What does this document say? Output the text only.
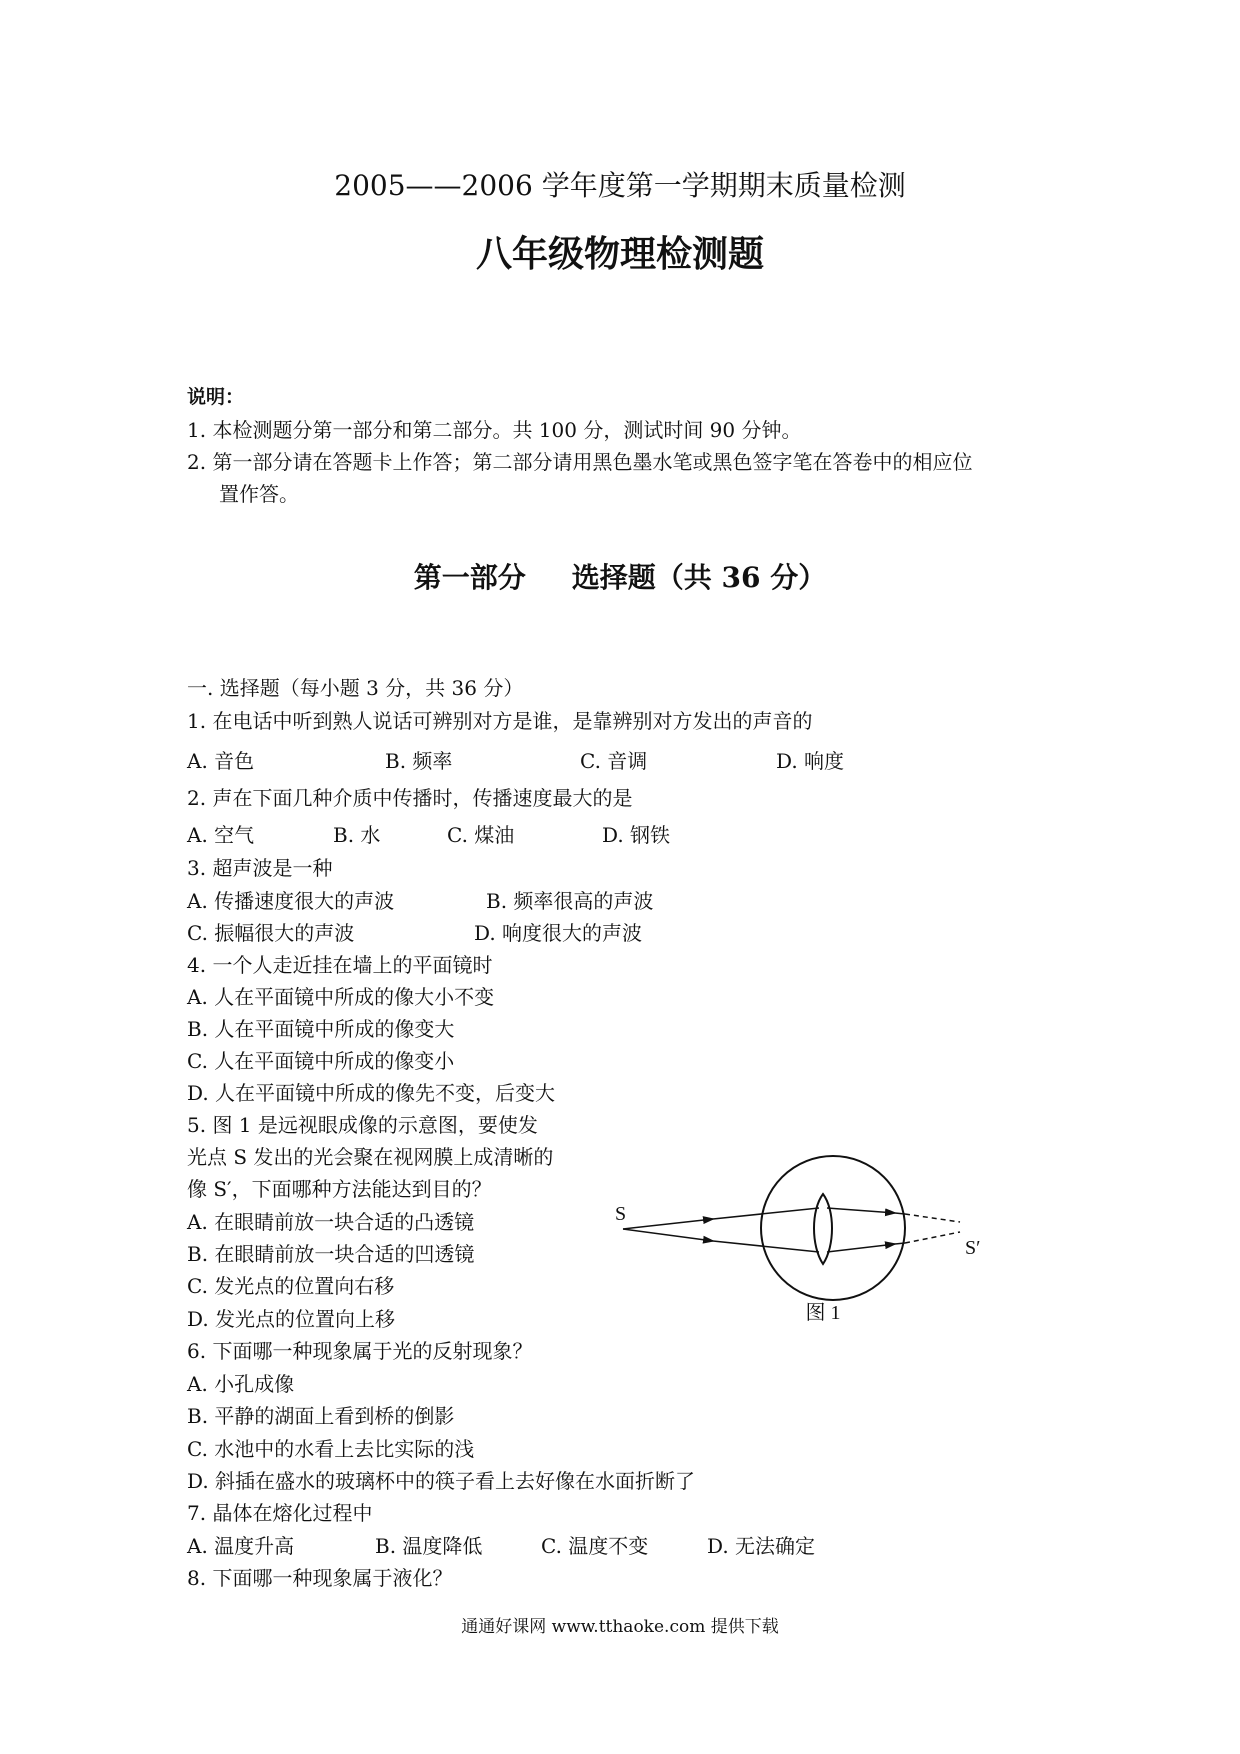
2005——2006 学年度第一学期期末质量检测
八年级物理检测题
说明：
1. 本检测题分第一部分和第二部分。共 100 分，测试时间 90 分钟。
2. 第一部分请在答题卡上作答；第二部分请用黑色墨水笔或黑色签字笔在答卷中的相应位
置作答。
第一部分 选择题（共 36 分）
一. 选择题（每小题 3 分，共 36 分）
1. 在电话中听到熟人说话可辨别对方是谁，是靠辨别对方发出的声音的
A. 音色	B. 频率	C. 音调	D. 响度
2. 声在下面几种介质中传播时，传播速度最大的是
A. 空气	B. 水	C. 煤油	D. 钢铁
3. 超声波是一种
A. 传播速度很大的声波	B. 频率很高的声波
C. 振幅很大的声波	D. 响度很大的声波
4. 一个人走近挂在墙上的平面镜时
A. 人在平面镜中所成的像大小不变
B. 人在平面镜中所成的像变大
C. 人在平面镜中所成的像变小
D. 人在平面镜中所成的像先不变，后变大
5. 图 1 是远视眼成像的示意图，要使发
光点 S 发出的光会聚在视网膜上成清晰的
像 S′，下面哪种方法能达到目的？
A. 在眼睛前放一块合适的凸透镜
B. 在眼睛前放一块合适的凹透镜
C. 发光点的位置向右移
D. 发光点的位置向上移
6. 下面哪一种现象属于光的反射现象？
A. 小孔成像
B. 平静的湖面上看到桥的倒影
C. 水池中的水看上去比实际的浅
D. 斜插在盛水的玻璃杯中的筷子看上去好像在水面折断了
7. 晶体在熔化过程中
A. 温度升高	B. 温度降低	C. 温度不变	D. 无法确定
8. 下面哪一种现象属于液化？
S
S′
图 1
通通好课网 www.tthaoke.com 提供下载
